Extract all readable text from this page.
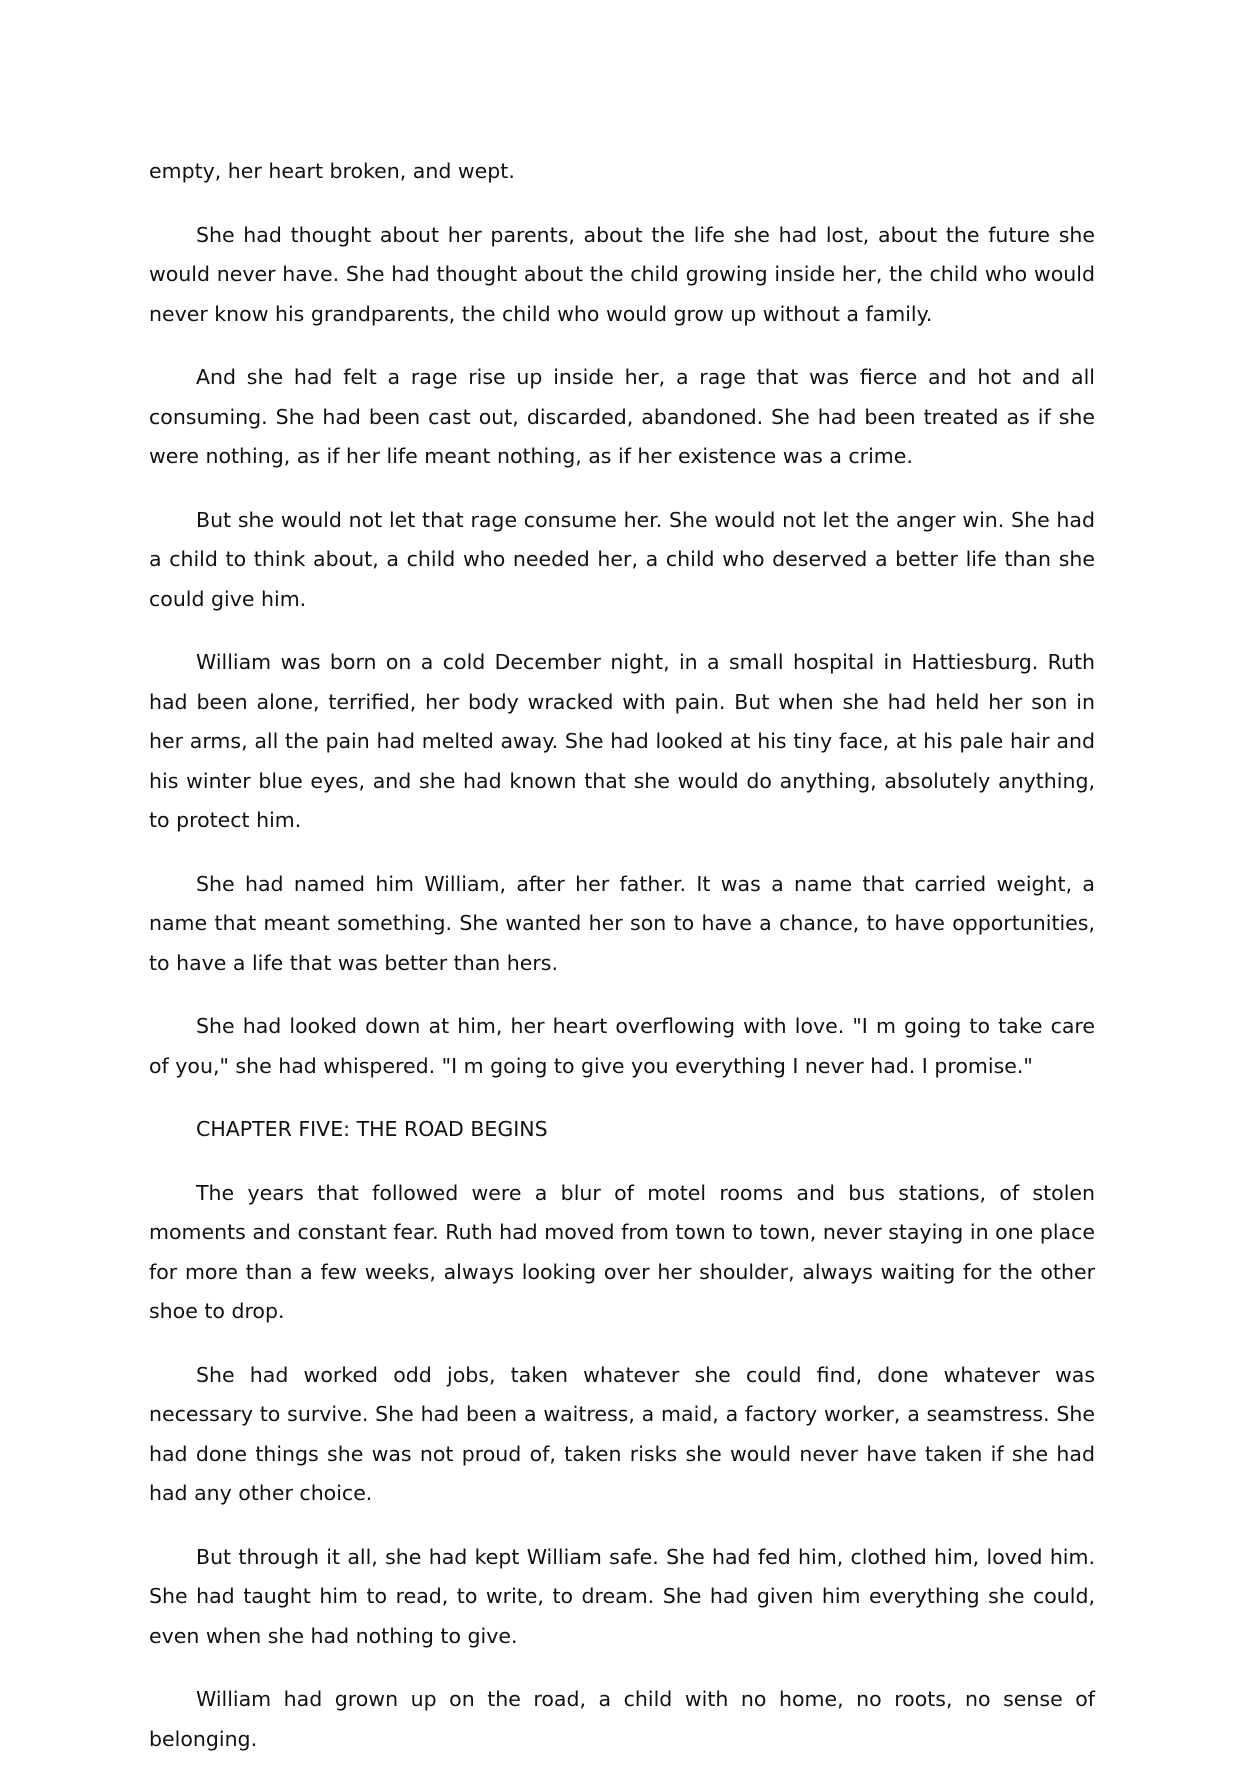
empty, her heart broken, and wept.

She had thought about her parents, about the life she had lost, about the future she would never have. She had thought about the child growing inside her, the child who would never know his grandparents, the child who would grow up without a family.

And she had felt a rage rise up inside her, a rage that was fierce and hot and all consuming. She had been cast out, discarded, abandoned. She had been treated as if she were nothing, as if her life meant nothing, as if her existence was a crime.

But she would not let that rage consume her. She would not let the anger win. She had a child to think about, a child who needed her, a child who deserved a better life than she could give him.

William was born on a cold December night, in a small hospital in Hattiesburg. Ruth had been alone, terrified, her body wracked with pain. But when she had held her son in her arms, all the pain had melted away. She had looked at his tiny face, at his pale hair and his winter blue eyes, and she had known that she would do anything, absolutely anything, to protect him.

She had named him William, after her father. It was a name that carried weight, a name that meant something. She wanted her son to have a chance, to have opportunities, to have a life that was better than hers.

She had looked down at him, her heart overflowing with love. "I m going to take care of you," she had whispered. "I m going to give you everything I never had. I promise."

CHAPTER FIVE: THE ROAD BEGINS

The years that followed were a blur of motel rooms and bus stations, of stolen moments and constant fear. Ruth had moved from town to town, never staying in one place for more than a few weeks, always looking over her shoulder, always waiting for the other shoe to drop.

She had worked odd jobs, taken whatever she could find, done whatever was necessary to survive. She had been a waitress, a maid, a factory worker, a seamstress. She had done things she was not proud of, taken risks she would never have taken if she had had any other choice.

But through it all, she had kept William safe. She had fed him, clothed him, loved him. She had taught him to read, to write, to dream. She had given him everything she could, even when she had nothing to give.

William had grown up on the road, a child with no home, no roots, no sense of belonging.
